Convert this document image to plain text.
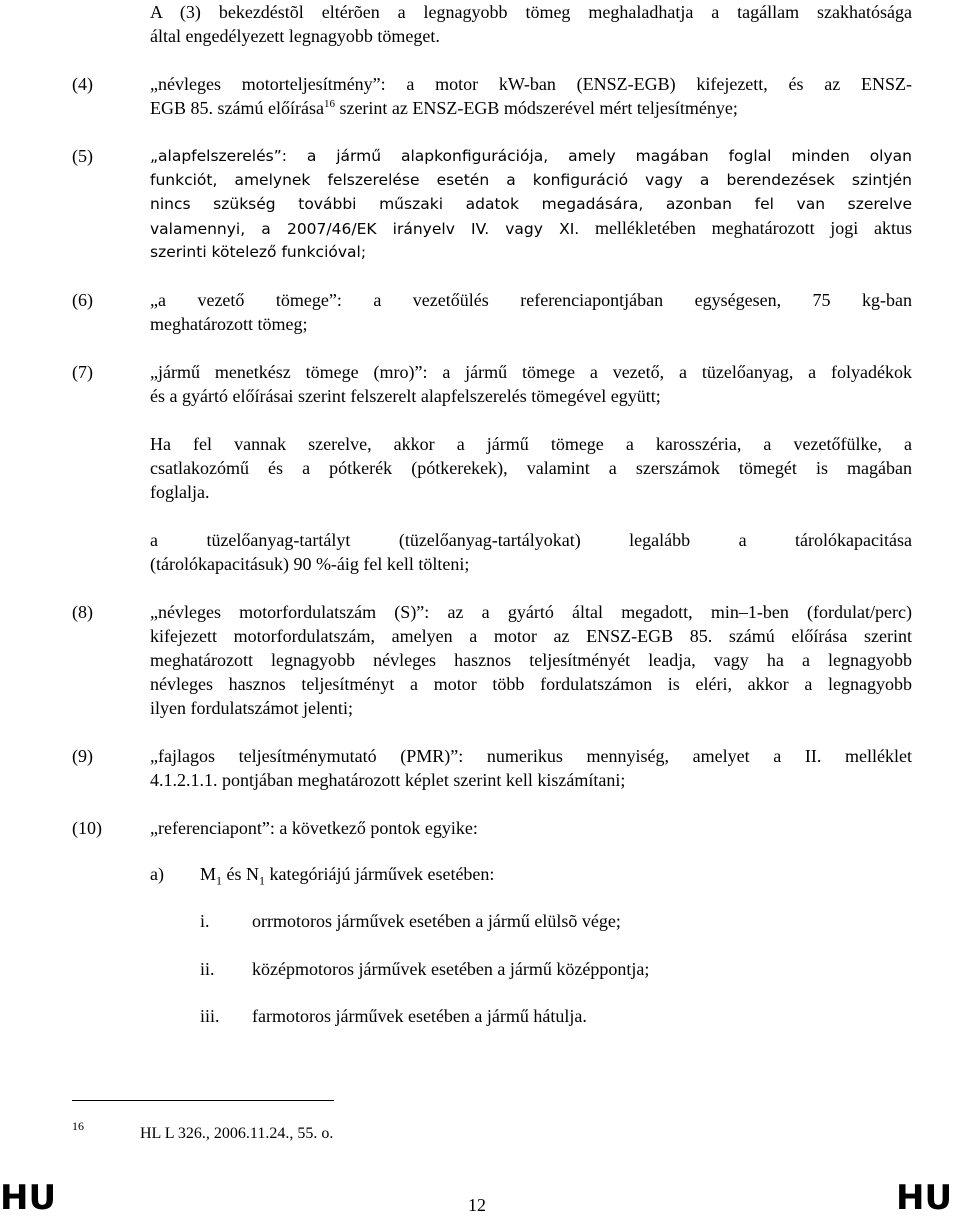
A (3) bekezdéstõl eltérõen a legnagyobb tömeg meghaladhatja a tagállam szakhatósága
által engedélyezett legnagyobb tömeget.
(4)	„névleges motorteljesítmény”: a motor kW-ban (ENSZ-EGB) kifejezett, és az ENSZ-
EGB 85. számú előírása$^{16}$ szerint az ENSZ-EGB módszerével mért teljesítménye;
(5)	„alapfelszerelés”: a jármű alapkonfigurációja, amely magában foglal minden olyan
funkciót, amelynek felszerelése esetén a konfiguráció vagy a berendezések szintjén
nincs szükség további műszaki adatok megadására, azonban fel van szerelve
valamennyi, a 2007/46/EK irányelv IV. vagy XI. mellékletében meghatározott jogi aktus
szerinti kötelező funkcióval;
(6)	„a vezető tömege”: a vezetőülés referenciapontjában egységesen, 75 kg-ban
meghatározott tömeg;
(7)	„jármű menetkész tömege (mro)”: a jármű tömege a vezető, a tüzelőanyag, a folyadékok
és a gyártó előírásai szerint felszerelt alapfelszerelés tömegével együtt;
Ha fel vannak szerelve, akkor a jármű tömege a karosszéria, a vezetőfülke, a
csatlakozómű és a pótkerék (pótkerekek), valamint a szerszámok tömegét is magában
foglalja.
a tüzelőanyag-tartályt (tüzelőanyag-tartályokat) legalább a tárolókapacitása
(tárolókapacitásuk) 90 %-áig fel kell tölteni;
(8)	„névleges motorfordulatszám (S)”: az a gyártó által megadott, min–1-ben (fordulat/perc)
kifejezett motorfordulatszám, amelyen a motor az ENSZ-EGB 85. számú előírása szerint
meghatározott legnagyobb névleges hasznos teljesítményét leadja, vagy ha a legnagyobb
névleges hasznos teljesítményt a motor több fordulatszámon is eléri, akkor a legnagyobb
ilyen fordulatszámot jelenti;
(9)	„fajlagos teljesítménymutató (PMR)”: numerikus mennyiség, amelyet a II. melléklet
4.1.2.1.1. pontjában meghatározott képlet szerint kell kiszámítani;
(10)	„referenciapont”: a következő pontok egyike:
a) $M_1$ és $N_1$ kategóriájú járművek esetében:
i. orrmotoros járművek esetében a jármű elülsõ vége;
ii. középmotoros járművek esetében a jármű középpontja;
iii. farmotoros járművek esetében a jármű hátulja.
16	HL L 326., 2006.11.24., 55. o.
HU	12	HU
